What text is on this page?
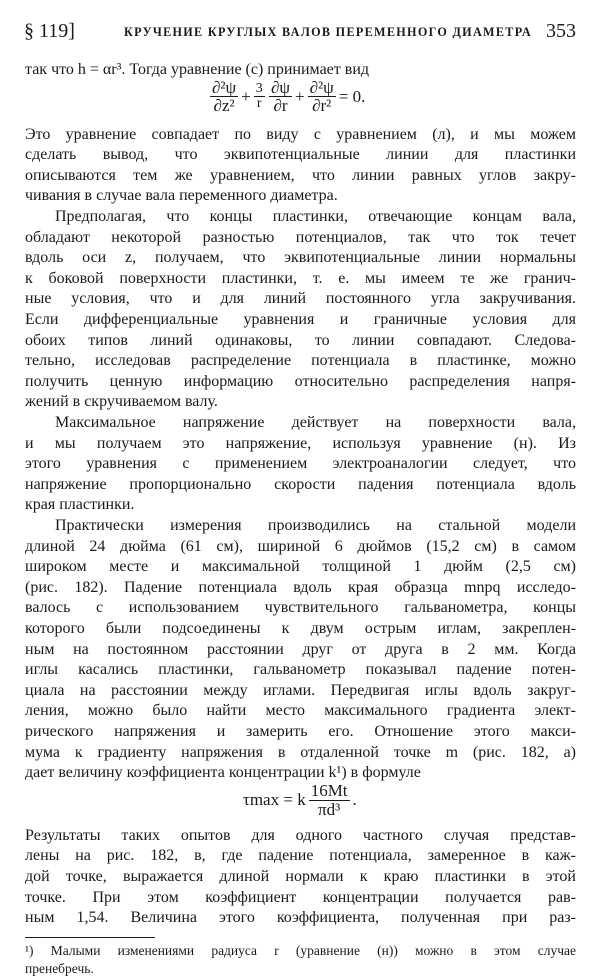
§ 119]	КРУЧЕНИЕ КРУГЛЫХ ВАЛОВ ПЕРЕМЕННОГО ДИАМЕТРА 353
так что h = αr³. Тогда уравнение (c) принимает вид
$\frac{\text{∂²ψ}}{\text{∂z²}} + \frac{3}{r}$
$\frac{\partial\psi}{\partial r} + \frac{\text{∂²ψ}}{\text{∂r²}} = 0$.
Это уравнение совпадает по виду с уравнением (л), и мы можем
сделать вывод, что эквипотенциальные линии для пластинки
описываются тем же уравнением, что линии равных углов закру-
чивания в случае вала переменного диаметра.
Предполагая, что концы пластинки, отвечающие концам вала,
обладают некоторой разностью потенциалов, так что ток течет
вдоль оси z, получаем, что эквипотенциальные линии нормальны
к боковой поверхности пластинки, т. е. мы имеем те же гранич-
ные условия, что и для линий постоянного угла закручивания.
Если дифференциальные уравнения и граничные условия для
обоих типов линий одинаковы, то линии совпадают. Следова-
тельно, исследовав распределение потенциала в пластинке, можно
получить ценную информацию относительно распределения напря-
жений в скручиваемом валу.
Максимальное напряжение действует на поверхности вала,
и мы получаем это напряжение, используя уравнение (н). Из
этого уравнения с применением электроаналогии следует, что
напряжение пропорционально скорости падения потенциала вдоль
края пластинки.
Практически измерения производились на стальной модели
длиной 24 дюйма (61 см), шириной 6 дюймов (15,2 см) в самом
широком месте и максимальной толщиной 1 дюйм (2,5 см)
(рис. 182). Падение потенциала вдоль края образца mnpq исследо-
валось с использованием чувствительного гальванометра, концы
которого были подсоединены к двум острым иглам, закреплен-
ным на постоянном расстоянии друг от друга в 2 мм. Когда
иглы касались пластинки, гальванометр показывал падение потен-
циала на расстоянии между иглами. Передвигая иглы вдоль закруг-
ления, можно было найти место максимального градиента элект-
рического напряжения и замерить его. Отношение этого макси-
мума к градиенту напряжения в отдаленной точке m (рис. 182, а)
дает величину коэффициента концентрации k¹) в формуле
τmax = k $\frac{16Mt}{\text{πd³}}$ .
Результаты таких опытов для одного частного случая представ-
лены на рис. 182, в, где падение потенциала, замеренное в каж-
дой точке, выражается длиной нормали к краю пластинки в этой
точке. При этом коэффициент концентрации получается рав-
ным 1,54. Величина этого коэффициента, полученная при раз-
¹) Малыми изменениями радиуса r (уравнение (н)) можно в этом случае
пренебречь.
